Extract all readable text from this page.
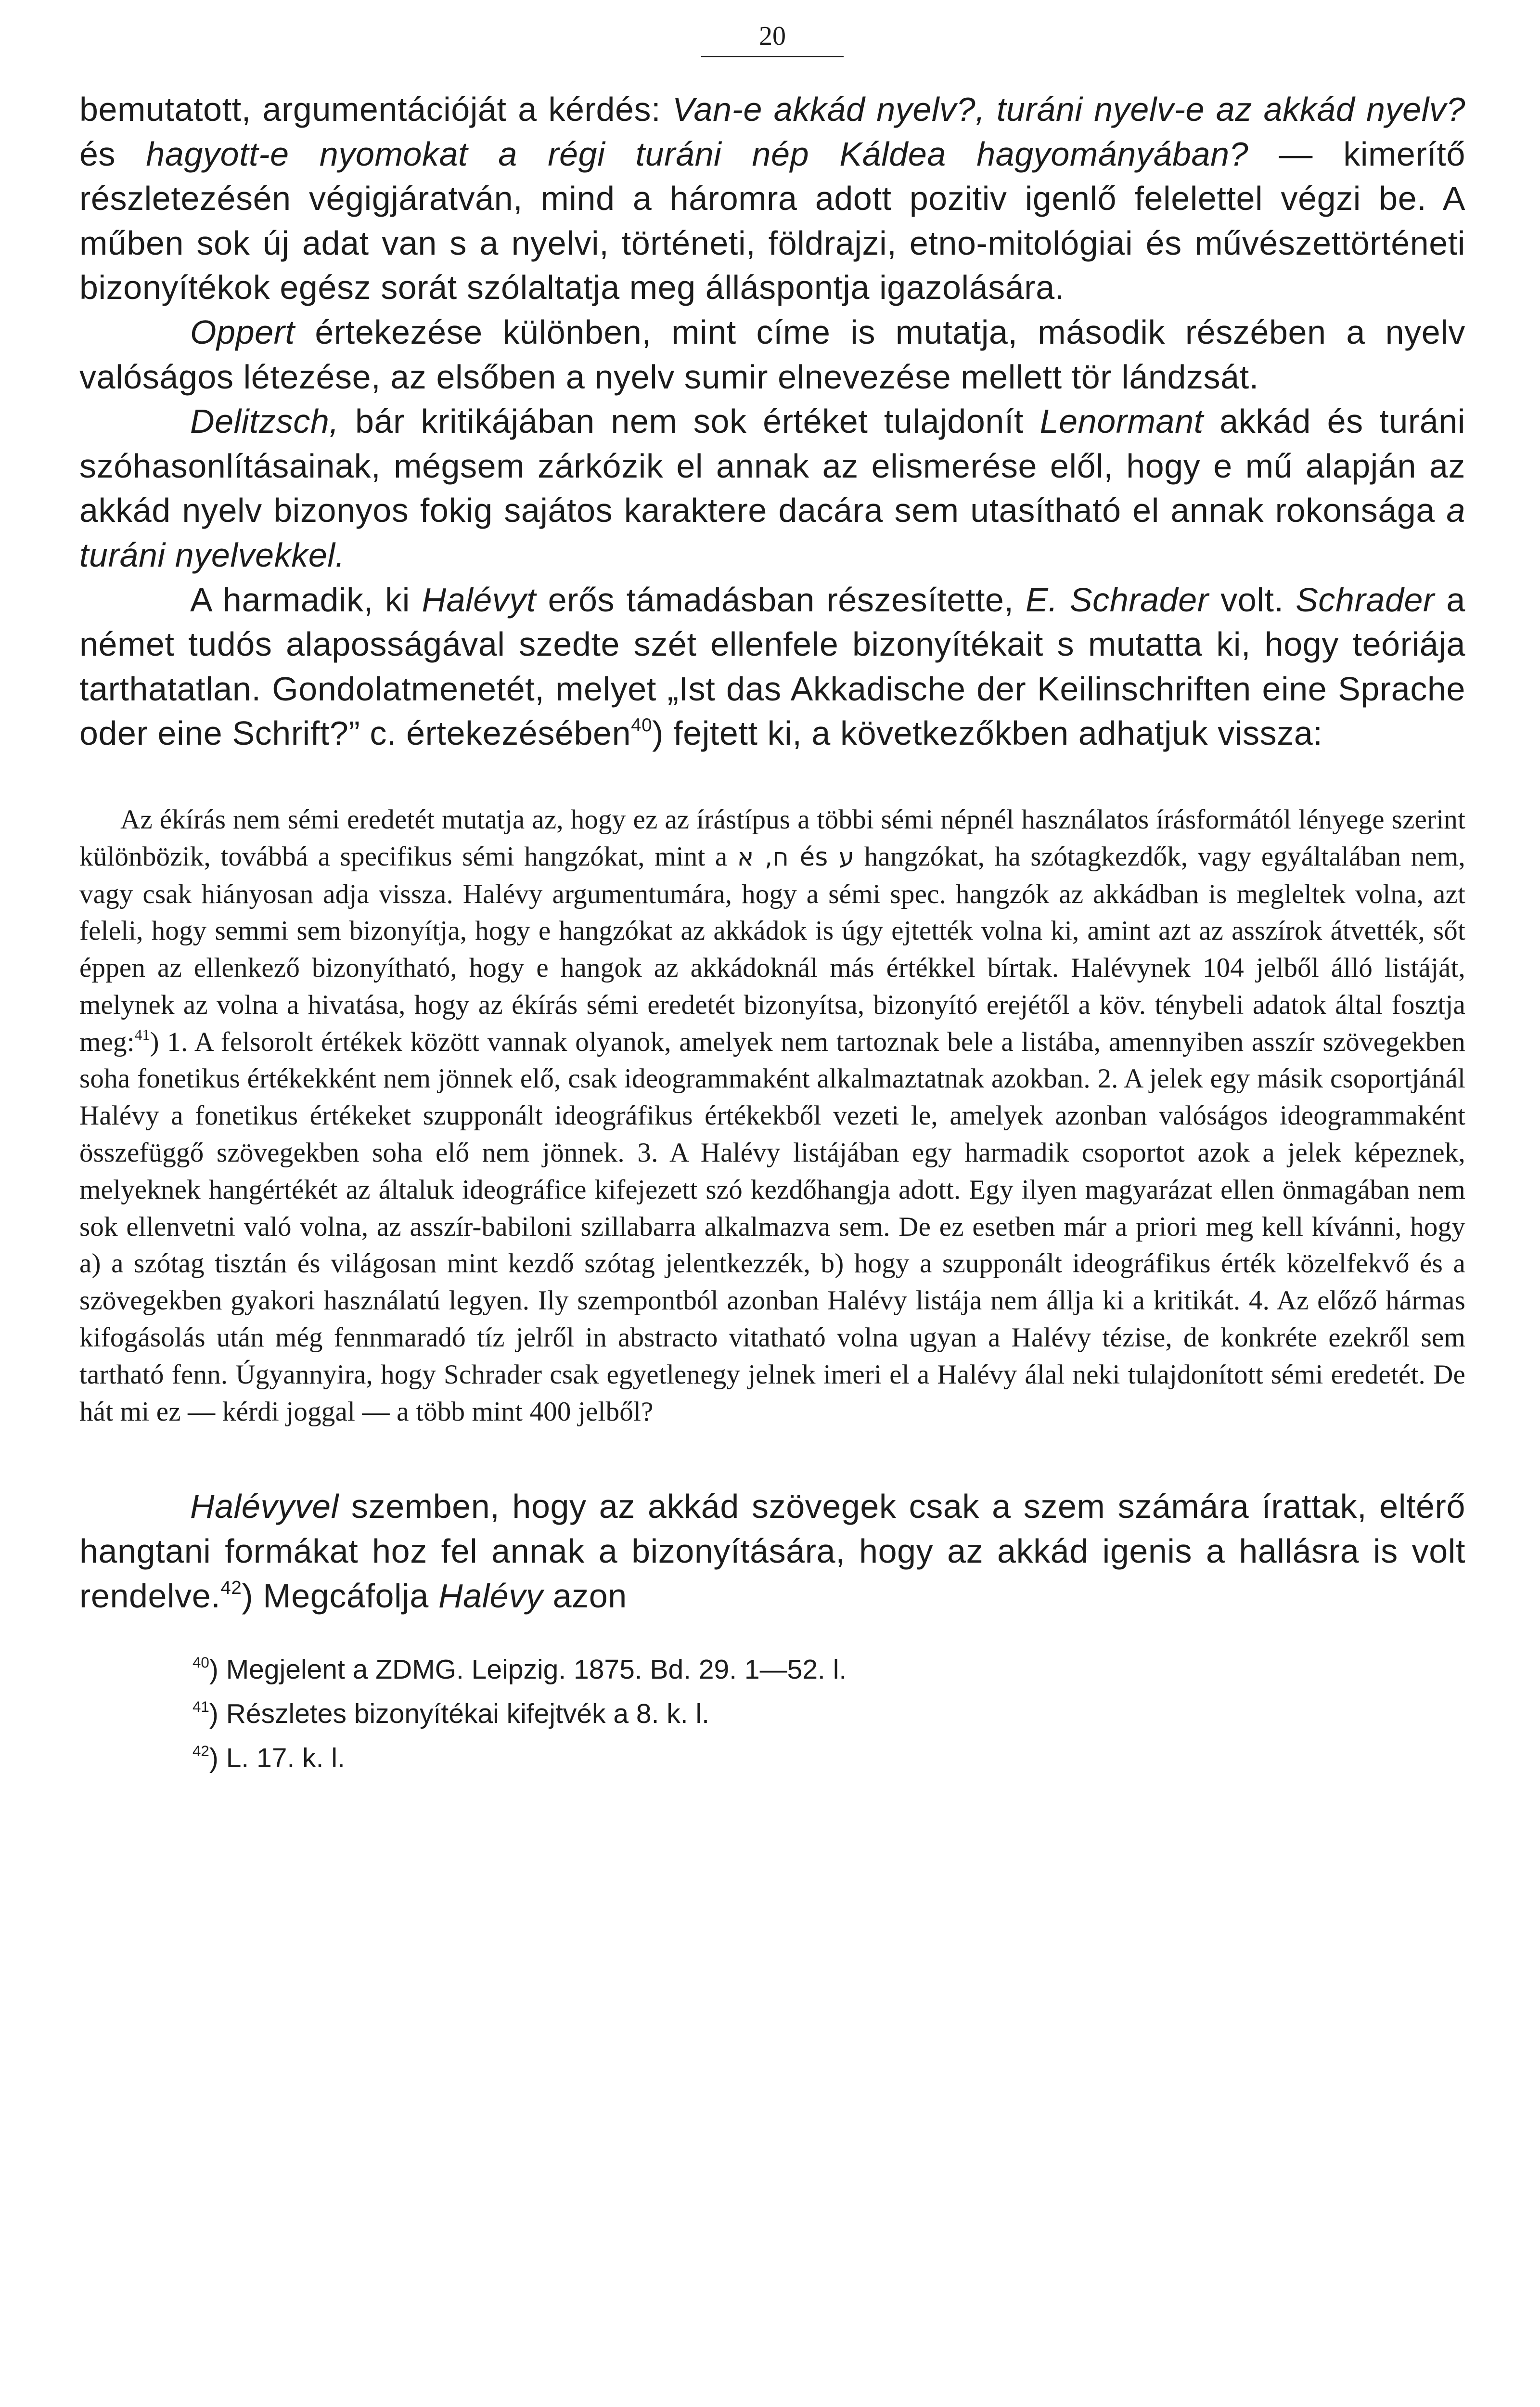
20

bemutatott, argumentációját a kérdés: Van-e akkád nyelv?, turáni nyelv-e az akkád nyelv? és hagyott-e nyomokat a régi turáni nép Káldea hagyományában? — kimerítő részletezésén végigjáratván, mind a háromra adott pozitiv igenlő felelettel végzi be. A műben sok új adat van s a nyelvi, történeti, földrajzi, etno-mitológiai és művészettörténeti bizonyítékok egész sorát szólaltatja meg álláspontja igazolására.

Oppert értekezése különben, mint címe is mutatja, második részében a nyelv valóságos létezése, az elsőben a nyelv sumir elnevezése mellett tör lándzsát.

Delitzsch, bár kritikájában nem sok értéket tulajdonít Lenormant akkád és turáni szóhasonlításainak, mégsem zárkózik el annak az elismerése elől, hogy e mű alapján az akkád nyelv bizonyos fokig sajátos karaktere dacára sem utasítható el annak rokonsága a turáni nyelvekkel.

A harmadik, ki Halévyt erős támadásban részesítette, E. Schrader volt. Schrader a német tudós alaposságával szedte szét ellenfele bizonyítékait s mutatta ki, hogy teóriája tarthatatlan. Gondolatmenetét, melyet „Ist das Akkadische der Keilinschriften eine Sprache oder eine Schrift?” c. értekezésében$^{40}$) fejtett ki, a következőkben adhatjuk vissza:

Az ékírás nem sémi eredetét mutatja az, hogy ez az írástípus a többi sémi népnél használatos írásformától lényege szerint különbözik, továbbá a specifikus sémi hangzókat, mint a ח, א és ע hangzókat, ha szótagkezdők, vagy egyáltalában nem, vagy csak hiányosan adja vissza. Halévy argumentumára, hogy a sémi spec. hangzók az akkádban is megleltek volna, azt feleli, hogy semmi sem bizonyítja, hogy e hangzókat az akkádok is úgy ejtették volna ki, amint azt az asszírok átvették, sőt éppen az ellenkező bizonyítható, hogy e hangok az akkádoknál más értékkel bírtak. Halévynek 104 jelből álló listáját, melynek az volna a hivatása, hogy az ékírás sémi eredetét bizonyítsa, bizonyító erejétől a köv. ténybeli adatok által fosztja meg:$^{41}$) 1. A felsorolt értékek között vannak olyanok, amelyek nem tartoznak bele a listába, amennyiben asszír szövegekben soha fonetikus értékekként nem jönnek elő, csak ideogrammaként alkalmaztatnak azokban. 2. A jelek egy másik csoportjánál Halévy a fonetikus értékeket szupponált ideográfikus értékekből vezeti le, amelyek azonban valóságos ideogrammaként összefüggő szövegekben soha elő nem jönnek. 3. A Halévy listájában egy harmadik csoportot azok a jelek képeznek, melyeknek hangértékét az általuk ideográfice kifejezett szó kezdőhangja adott. Egy ilyen magyarázat ellen önmagában nem sok ellenvetni való volna, az asszír-babiloni szillabarra alkalmazva sem. De ez esetben már a priori meg kell kívánni, hogy a) a szótag tisztán és világosan mint kezdő szótag jelentkezzék, b) hogy a szupponált ideográfikus érték közelfekvő és a szövegekben gyakori használatú legyen. Ily szempontból azonban Halévy listája nem állja ki a kritikát. 4. Az előző hármas kifogásolás után még fennmaradó tíz jelről in abstracto vitatható volna ugyan a Halévy tézise, de konkréte ezekről sem tartható fenn. Úgyannyira, hogy Schrader csak egyetlenegy jelnek imeri el a Halévy álal neki tulajdonított sémi eredetét. De hát mi ez — kérdi joggal — a több mint 400 jelből?

Halévyvel szemben, hogy az akkád szövegek csak a szem számára írattak, eltérő hangtani formákat hoz fel annak a bizonyítására, hogy az akkád igenis a hallásra is volt rendelve.$^{42}$) Megcáfolja Halévy azon

$^{40}$) Megjelent a ZDMG. Leipzig. 1875. Bd. 29. 1—52. l.

$^{41}$) Részletes bizonyítékai kifejtvék a 8. k. l.

$^{42}$) L. 17. k. l.
